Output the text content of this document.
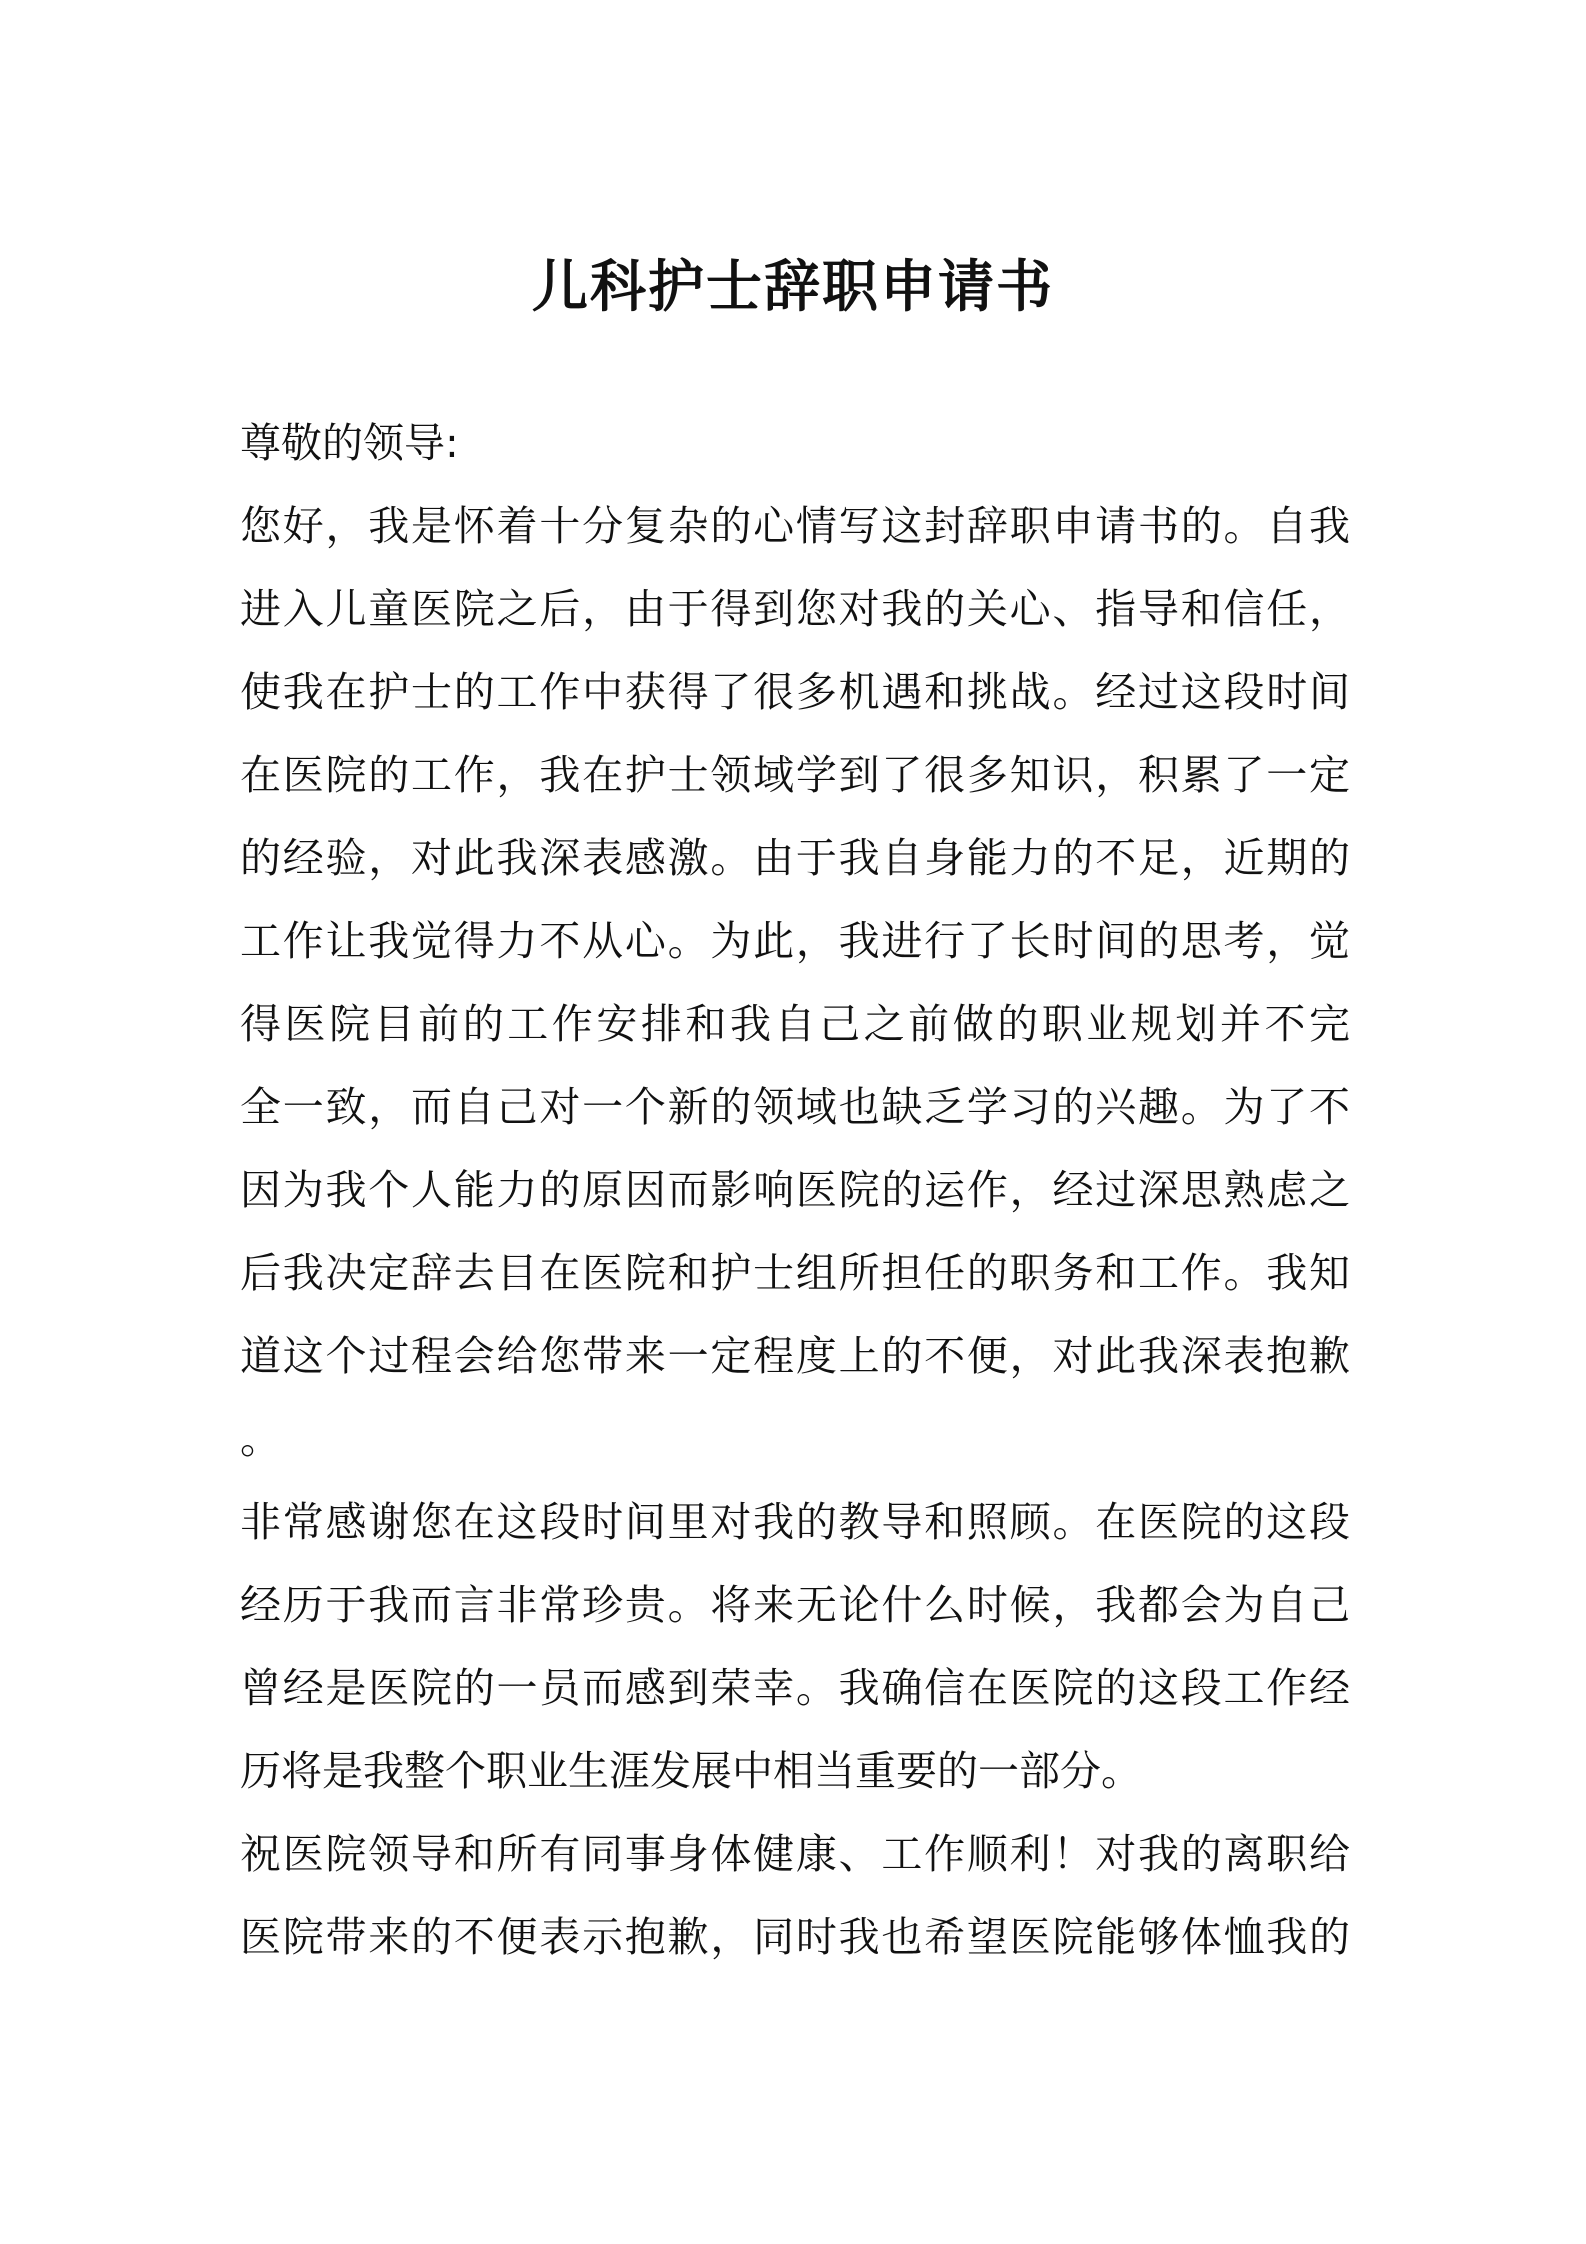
儿科护士辞职申请书
尊敬的领导:
您好，我是怀着十分复杂的心情写这封辞职申请书的。自我
进入儿童医院之后，由于得到您对我的关心、指导和信任，
使我在护士的工作中获得了很多机遇和挑战。经过这段时间
在医院的工作，我在护士领域学到了很多知识，积累了一定
的经验，对此我深表感激。由于我自身能力的不足，近期的
工作让我觉得力不从心。为此，我进行了长时间的思考，觉
得医院目前的工作安排和我自己之前做的职业规划并不完
全一致，而自己对一个新的领域也缺乏学习的兴趣。为了不
因为我个人能力的原因而影响医院的运作，经过深思熟虑之
后我决定辞去目在医院和护士组所担任的职务和工作。我知
道这个过程会给您带来一定程度上的不便，对此我深表抱歉
。
非常感谢您在这段时间里对我的教导和照顾。在医院的这段
经历于我而言非常珍贵。将来无论什么时候，我都会为自己
曾经是医院的一员而感到荣幸。我确信在医院的这段工作经
历将是我整个职业生涯发展中相当重要的一部分。
祝医院领导和所有同事身体健康、工作顺利！对我的离职给
医院带来的不便表示抱歉，同时我也希望医院能够体恤我的
